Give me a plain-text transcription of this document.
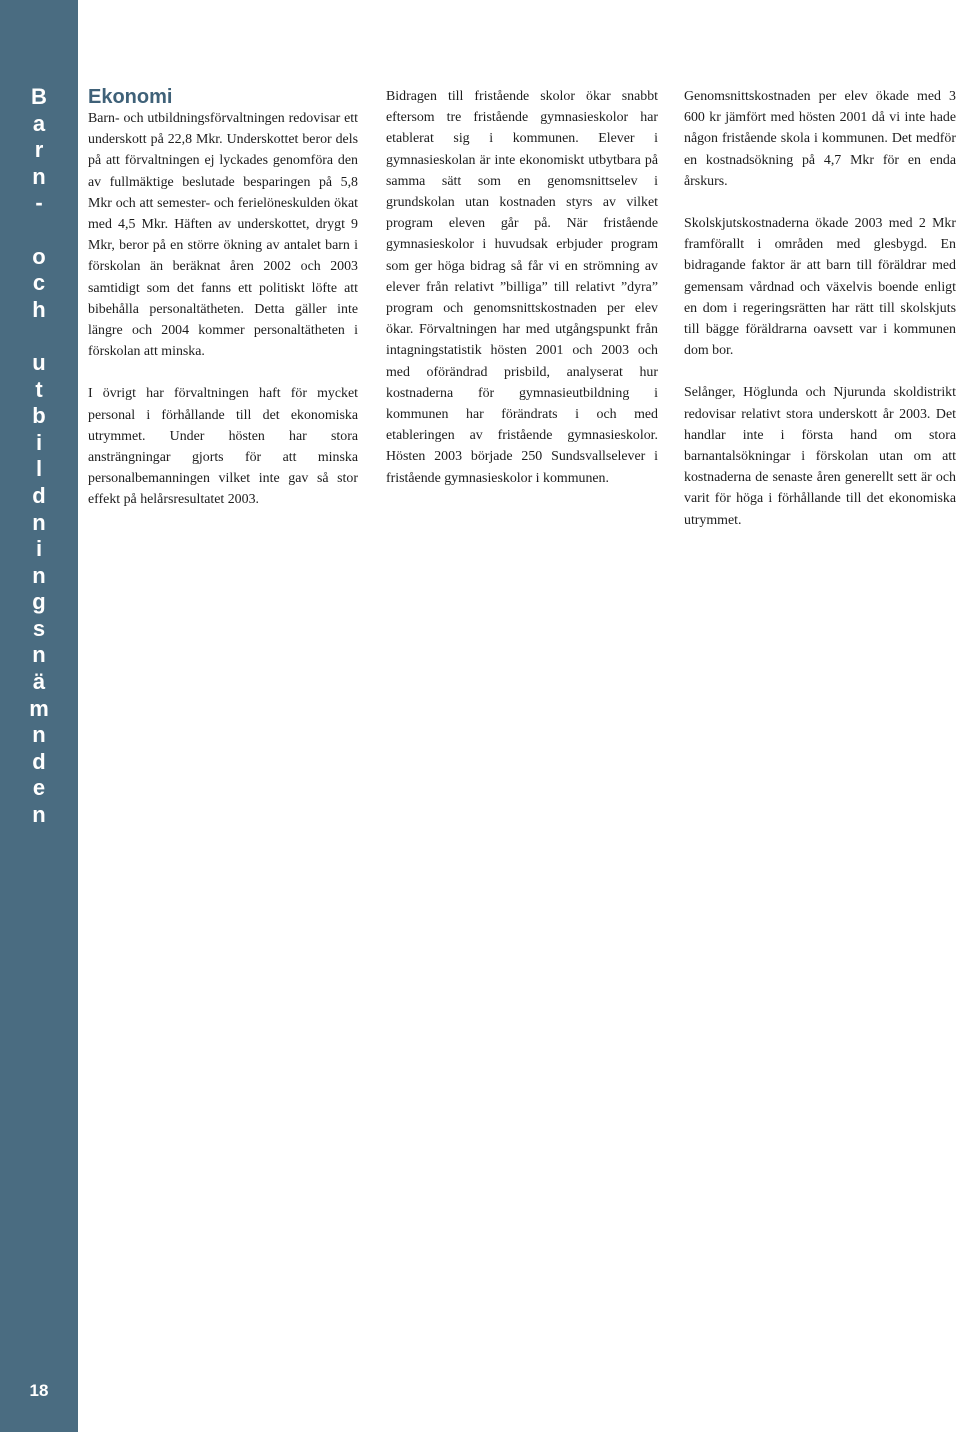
B
a
r
n
-
o
c
h
u
t
b
i
l
d
n
i
n
g
s
n
ä
m
n
d
e
n
18
Ekonomi

Barn- och utbildningsförvaltningen redovisar ett underskott på 22,8 Mkr. Underskottet beror dels på att förvaltningen ej lyckades genomföra den av fullmäktige beslutade besparingen på 5,8 Mkr och att semester- och ferielöneskulden ökat med 4,5 Mkr. Häften av underskottet, drygt 9 Mkr, beror på en större ökning av antalet barn i förskolan än beräknat åren 2002 och 2003 samtidigt som det fanns ett politiskt löfte att bibehålla personaltätheten. Detta gäller inte längre och 2004 kommer personaltätheten i förskolan att minska.

I övrigt har förvaltningen haft för mycket personal i förhållande till det ekonomiska utrymmet. Under hösten har stora ansträngningar gjorts för att minska personalbemanningen vilket inte gav så stor effekt på helårsresultatet 2003.

Bidragen till fristående skolor ökar snabbt eftersom tre fristående gymnasieskolor har etablerat sig i kommunen. Elever i gymnasieskolan är inte ekonomiskt utbytbara på samma sätt som en genomsnittselev i grundskolan utan kostnaden styrs av vilket program eleven går på. När fristående gymnasieskolor i huvudsak erbjuder program som ger höga bidrag så får vi en strömning av elever från relativt ”billiga” till relativt ”dyra” program och genomsnittskostnaden per elev ökar. Förvaltningen har med utgångspunkt från intagningstatistik hösten 2001 och 2003 och med oförändrad prisbild, analyserat hur kostnaderna för gymnasieutbildning i kommunen har förändrats i och med etableringen av fristående gymnasieskolor. Hösten 2003 började 250 Sundsvallselever i fristående gymnasieskolor i kommunen.

Genomsnittskostnaden per elev ökade med 3 600 kr jämfört med hösten 2001 då vi inte hade någon fristående skola i kommunen. Det medför en kostnadsökning på 4,7 Mkr för en enda årskurs.

Skolskjutskostnaderna ökade 2003 med 2 Mkr framförallt i områden med glesbygd. En bidragande faktor är att barn till föräldrar med gemensam vårdnad och växelvis boende enligt en dom i regeringsrätten har rätt till skolskjuts till bägge föräldrarna oavsett var i kommunen dom bor.

Selånger, Höglunda och Njurunda skoldistrikt redovisar relativt stora underskott år 2003. Det handlar inte i första hand om stora barnantalsökningar i förskolan utan om att kostnaderna de senaste åren generellt sett är och varit för höga i förhållande till det ekonomiska utrymmet.
